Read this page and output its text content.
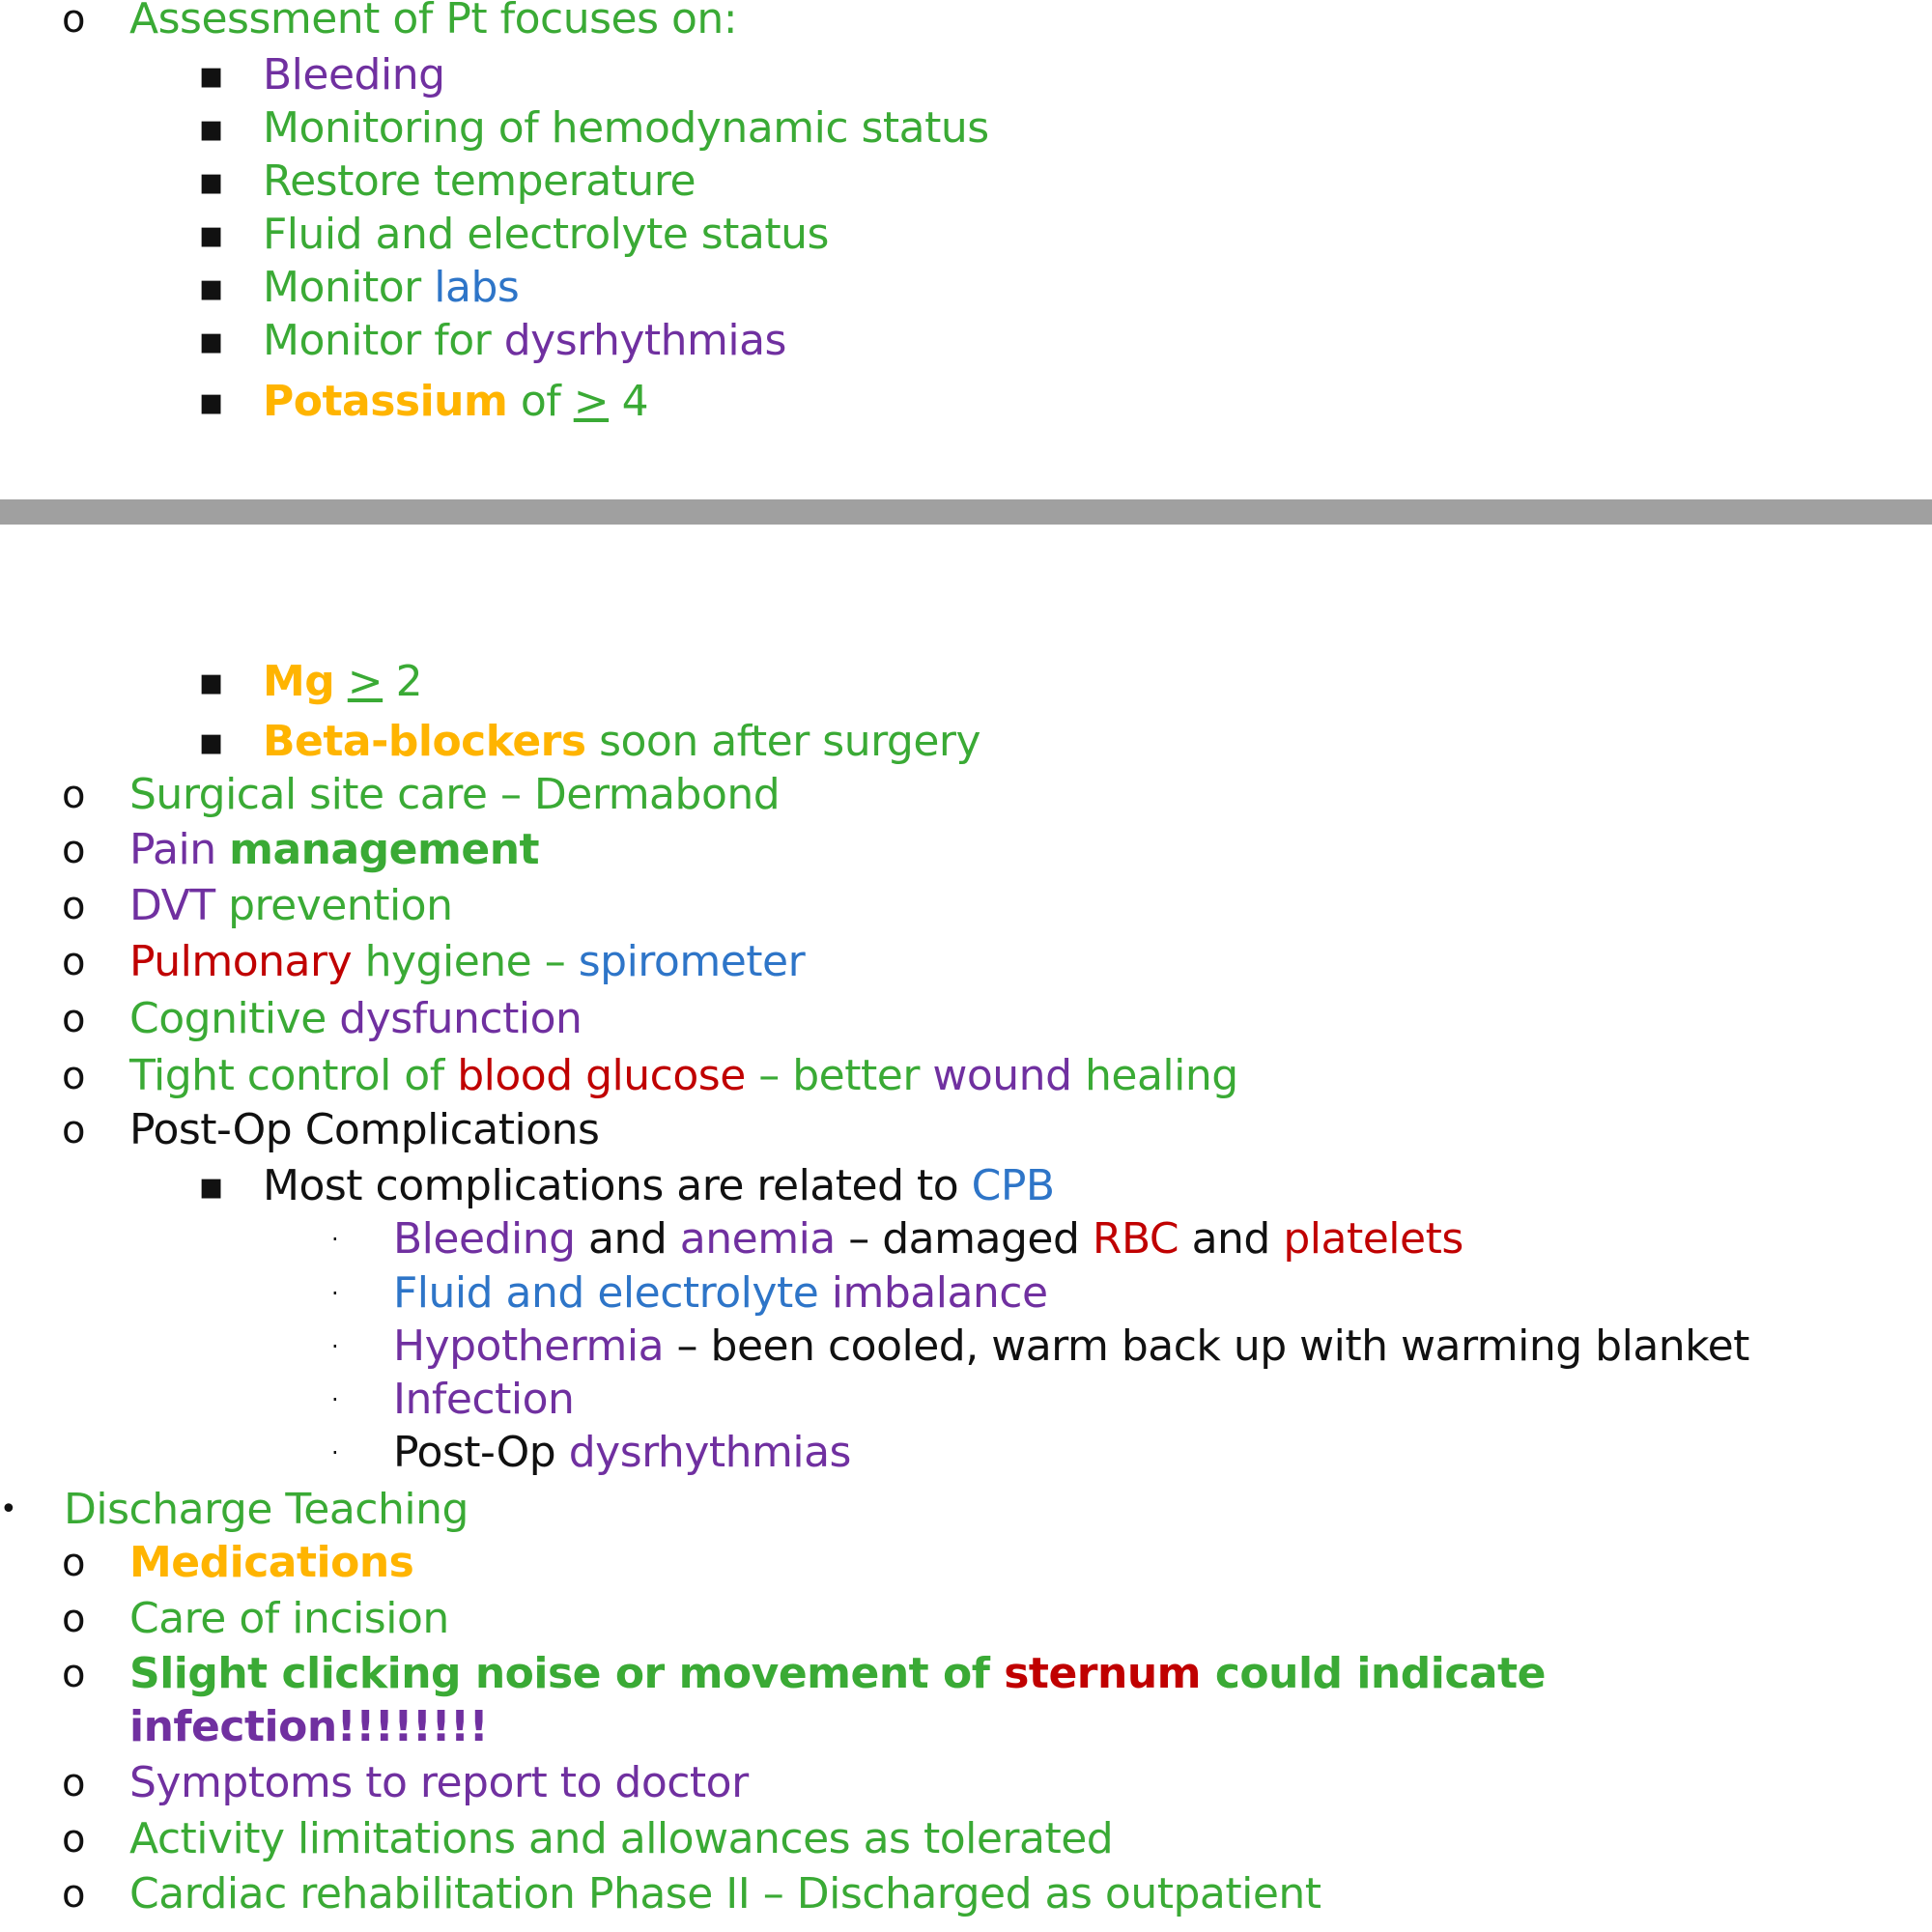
o Assessment of Pt focuses on:
▪ Bleeding
▪ Monitoring of hemodynamic status
▪ Restore temperature
▪ Fluid and electrolyte status
▪ Monitor labs
▪ Monitor for dysrhythmias
▪ Potassium of > 4
▪ Mg > 2
▪ Beta-blockers soon after surgery
o Surgical site care – Dermabond
o Pain management
o DVT prevention
o Pulmonary hygiene – spirometer
o Cognitive dysfunction
o Tight control of blood glucose – better wound healing
o Post-Op Complications
▪ Most complications are related to CPB
· Bleeding and anemia – damaged RBC and platelets
· Fluid and electrolyte imbalance
· Hypothermia – been cooled, warm back up with warming blanket
· Infection
· Post-Op dysrhythmias
• Discharge Teaching
o Medications
o Care of incision
o Slight clicking noise or movement of sternum could indicate
infection!!!!!!!!
o Symptoms to report to doctor
o Activity limitations and allowances as tolerated
o Cardiac rehabilitation Phase II – Discharged as outpatient
